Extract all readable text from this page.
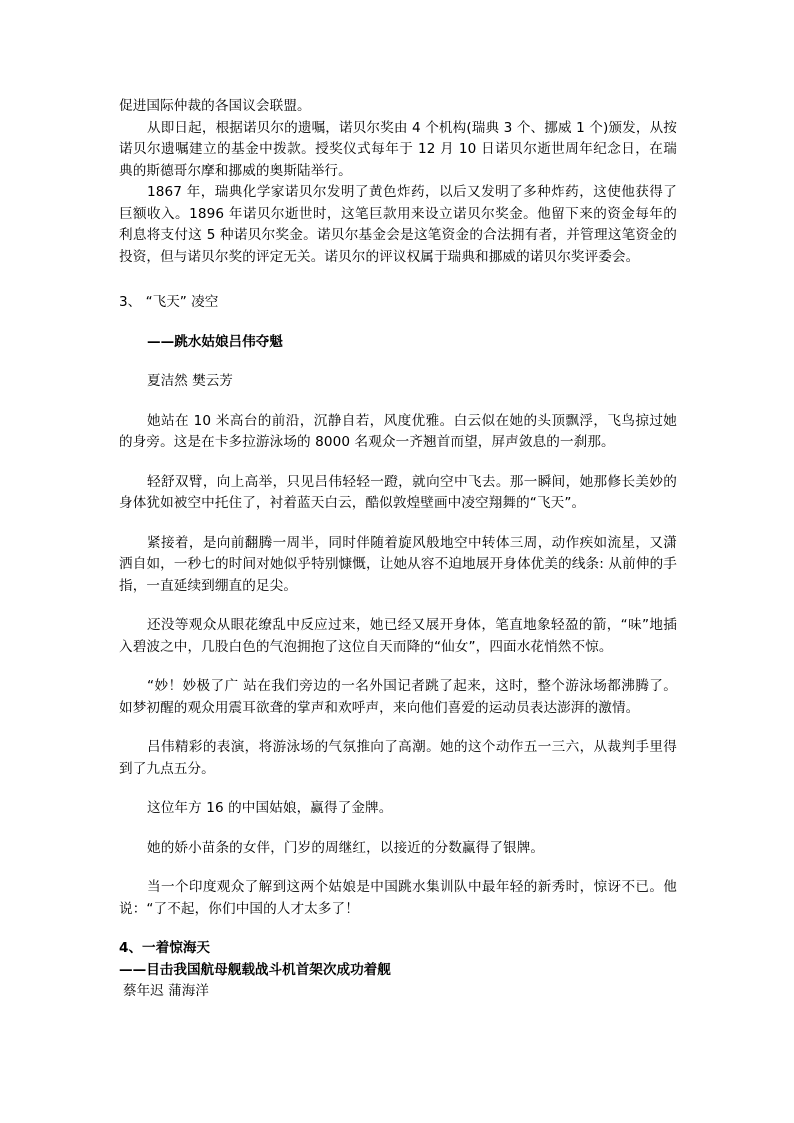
促进国际仲裁的各国议会联盟。

从即日起，根据诺贝尔的遗嘱，诺贝尔奖由 4 个机构(瑞典 3 个、挪威 1 个)颁发，从按诺贝尔遗嘱建立的基金中拨款。授奖仪式每年于 12 月 10 日诺贝尔逝世周年纪念日，在瑞典的斯德哥尔摩和挪威的奥斯陆举行。

1867 年，瑞典化学家诺贝尔发明了黄色炸药，以后又发明了多种炸药，这使他获得了巨额收入。1896 年诺贝尔逝世时，这笔巨款用来设立诺贝尔奖金。他留下来的资金每年的利息将支付这 5 种诺贝尔奖金。诺贝尔基金会是这笔资金的合法拥有者，并管理这笔资金的投资，但与诺贝尔奖的评定无关。诺贝尔的评议权属于瑞典和挪威的诺贝尔奖评委会。

3、 “飞天” 凌空

——跳水姑娘吕伟夺魁

夏洁然 樊云芳

她站在 10 米高台的前沿，沉静自若，风度优雅。白云似在她的头顶飘浮，飞鸟掠过她的身旁。这是在卡多拉游泳场的 8000 名观众一齐翘首而望，屏声敛息的一刹那。

轻舒双臂，向上高举，只见吕伟轻轻一蹬，就向空中飞去。那一瞬间，她那修长美妙的身体犹如被空中托住了，衬着蓝天白云，酷似敦煌壁画中凌空翔舞的“飞天”。

紧接着，是向前翻腾一周半，同时伴随着旋风般地空中转体三周，动作疾如流星，又潇洒自如，一秒七的时间对她似乎特别慷慨，让她从容不迫地展开身体优美的线条: 从前伸的手指，一直延续到绷直的足尖。

还没等观众从眼花缭乱中反应过来，她已经又展开身体，笔直地象轻盈的箭，“味”地插入碧波之中，几股白色的气泡拥抱了这位自天而降的“仙女”，四面水花悄然不惊。

“妙！妙极了广 站在我们旁边的一名外国记者跳了起来，这时，整个游泳场都沸腾了。如梦初醒的观众用震耳欲聋的掌声和欢呼声，来向他们喜爱的运动员表达澎湃的激情。

吕伟精彩的表演，将游泳场的气氛推向了高潮。她的这个动作五一三六，从裁判手里得到了九点五分。

这位年方 16 的中国姑娘，赢得了金牌。

她的娇小苗条的女伴，门岁的周继红，以接近的分数赢得了银牌。

当一个印度观众了解到这两个姑娘是中国跳水集训队中最年轻的新秀时，惊讶不已。他说：“了不起，你们中国的人才太多了！

4、一着惊海天

——目击我国航母舰载战斗机首架次成功着舰

蔡年迟 蒲海洋
